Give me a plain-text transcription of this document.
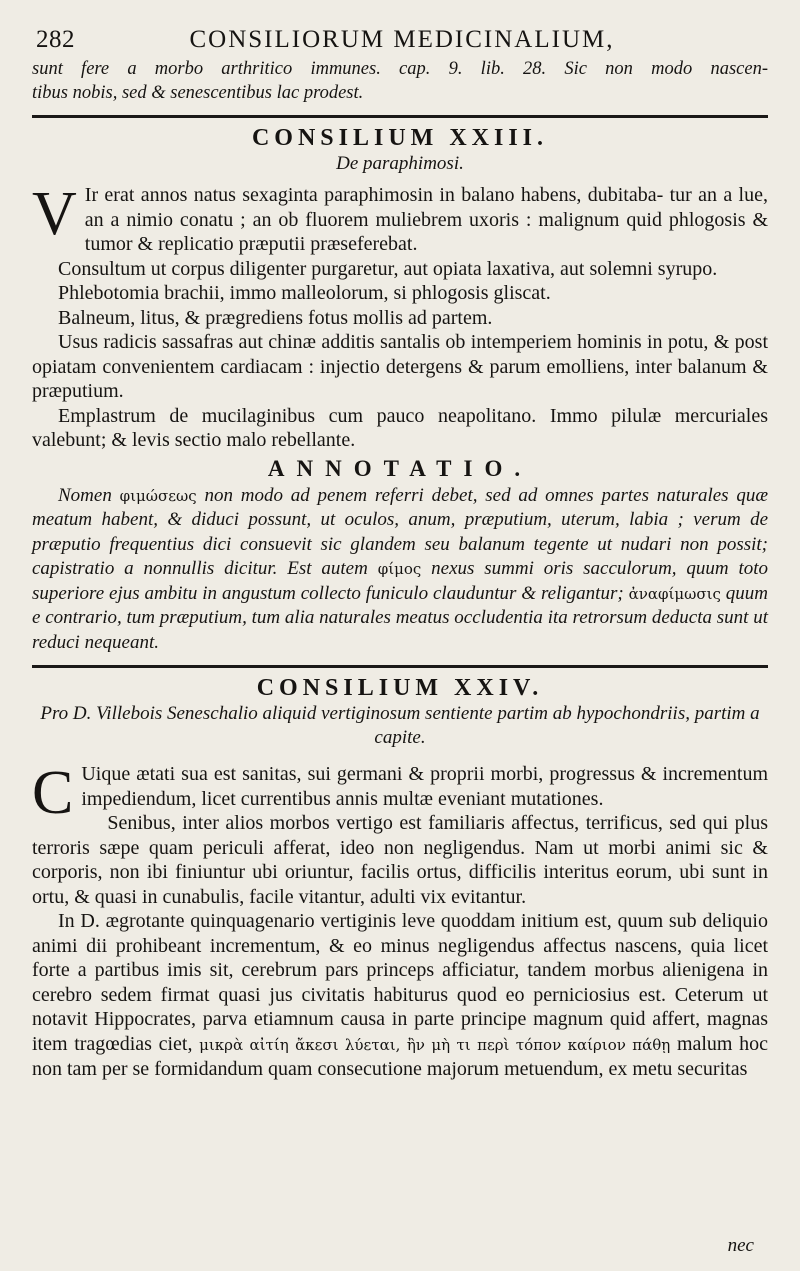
282	CONSILIORUM MEDICINALIUM,

sunt fere a morbo arthritico immunes. cap. 9. lib. 28. Sic non modo nascen-
tibus nobis, sed & senescentibus lac prodest.

CONSILIUM XXIII.

De paraphimosi.

V Ir erat annos natus sexaginta paraphimosin in balano habens, dubitaba- tur an a lue, an a nimio conatu ; an ob fluorem muliebrem uxoris : malignum quid phlogosis & tumor & replicatio præputii præseferebat.

Consultum ut corpus diligenter purgaretur, aut opiata laxativa, aut solemni syrupo.

Phlebotomia brachii, immo malleolorum, si phlogosis gliscat.

Balneum, litus, & prægrediens fotus mollis ad partem.

Usus radicis sassafras aut chinæ additis santalis ob intemperiem hominis in potu, & post opiatam convenientem cardiacam : injectio detergens & parum emolliens, inter balanum & præputium.

Emplastrum de mucilaginibus cum pauco neapolitano. Immo pilulæ mercuriales valebunt; & levis sectio malo rebellante.

ANNOTATIO.

Nomen φιμώσεως non modo ad penem referri debet, sed ad omnes partes naturales quæ meatum habent, & diduci possunt, ut oculos, anum, præputium, uterum, labia ; verum de præputio frequentius dici consuevit sic glandem seu balanum tegente ut nudari non possit; capistratio a nonnullis dicitur. Est autem φίμος nexus summi oris sacculorum, quum toto superiore ejus ambitu in angustum collecto funiculo clauduntur & religantur; ἀναφίμωσις quum e contrario, tum præputium, tum alia naturales meatus occludentia ita retrorsum deducta sunt ut reduci nequeant.

CONSILIUM XXIV.

Pro D. Villebois Seneschalio aliquid vertiginosum sentiente partim ab hypochondriis, partim a capite.

C Uique ætati sua est sanitas, sui germani & proprii morbi, progressus & incrementum impediendum, licet currentibus annis multæ eveniant mutationes.

Senibus, inter alios morbos vertigo est familiaris affectus, terrificus, sed qui plus terroris sæpe quam periculi afferat, ideo non negligendus. Nam ut morbi animi sic & corporis, non ibi finiuntur ubi oriuntur, facilis ortus, difficilis interitus eorum, ubi sunt in ortu, & quasi in cunabulis, facile vitantur, adulti vix evitantur.

In D. ægrotante quinquagenario vertiginis leve quoddam initium est, quum sub deliquio animi dii prohibeant incrementum, & eo minus negligendus affectus nascens, quia licet forte a partibus imis sit, cerebrum pars princeps afficiatur, tandem morbus alienigena in cerebro sedem firmat quasi jus civitatis habiturus quod eo perniciosius est. Ceterum ut notavit Hippocrates, parva etiamnum causa in parte principe magnum quid affert, magnas item tragœdias ciet, μικρὰ αἰτίη ἄκεσι λύεται, ἢν μὴ τι περὶ τόπον καίριον πάθῃ malum hoc non tam per se formidandum quam consecutione majorum metuendum, ex metu securitas

nec
